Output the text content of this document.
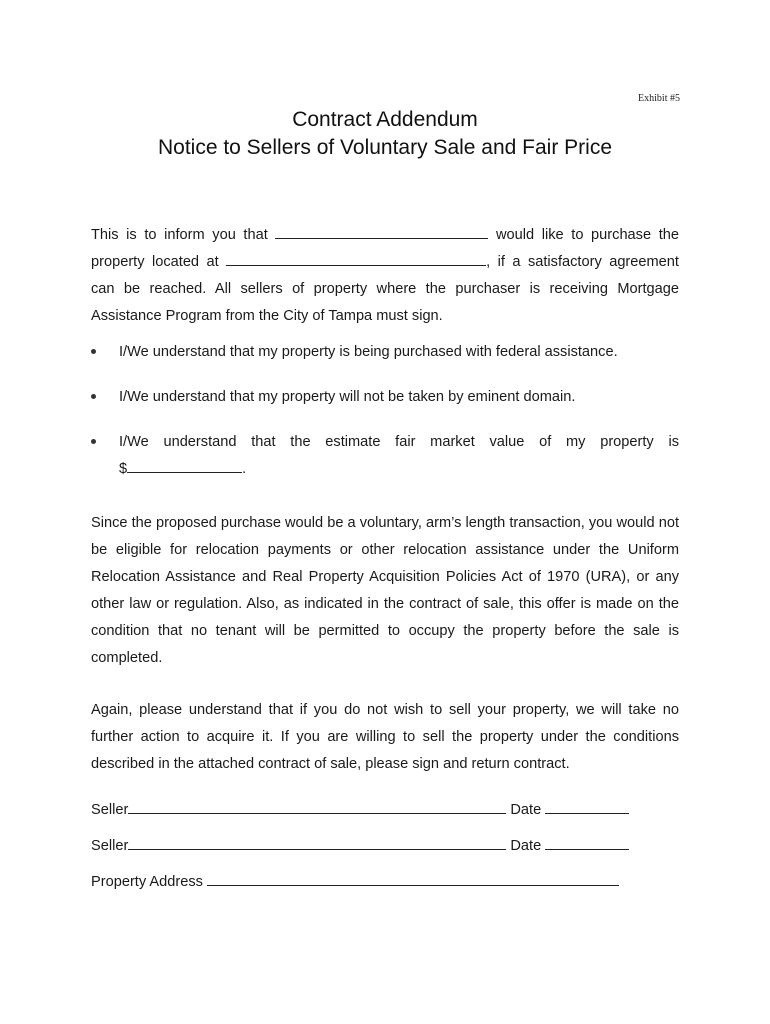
Exhibit #5
Contract Addendum
Notice to Sellers of Voluntary Sale and Fair Price
This is to inform you that	would like to purchase the
property located at	, if a satisfactory agreement
can be reached. All sellers of property where the purchaser is receiving Mortgage
Assistance Program from the City of Tampa must sign.
I/We understand that my property is being purchased with federal assistance.
I/We understand that my property will not be taken by eminent domain.
I/We understand that the estimate fair market value of my property is
$	.
Since the proposed purchase would be a voluntary, arm’s length transaction, you would not be eligible for relocation payments or other relocation assistance under the Uniform Relocation Assistance and Real Property Acquisition Policies Act of 1970 (URA), or any other law or regulation. Also, as indicated in the contract of sale, this offer is made on the condition that no tenant will be permitted to occupy the property before the sale is completed.
Again, please understand that if you do not wish to sell your property, we will take no further action to acquire it. If you are willing to sell the property under the conditions described in the attached contract of sale, please sign and return contract.
Seller	Date
Seller	Date
Property Address
